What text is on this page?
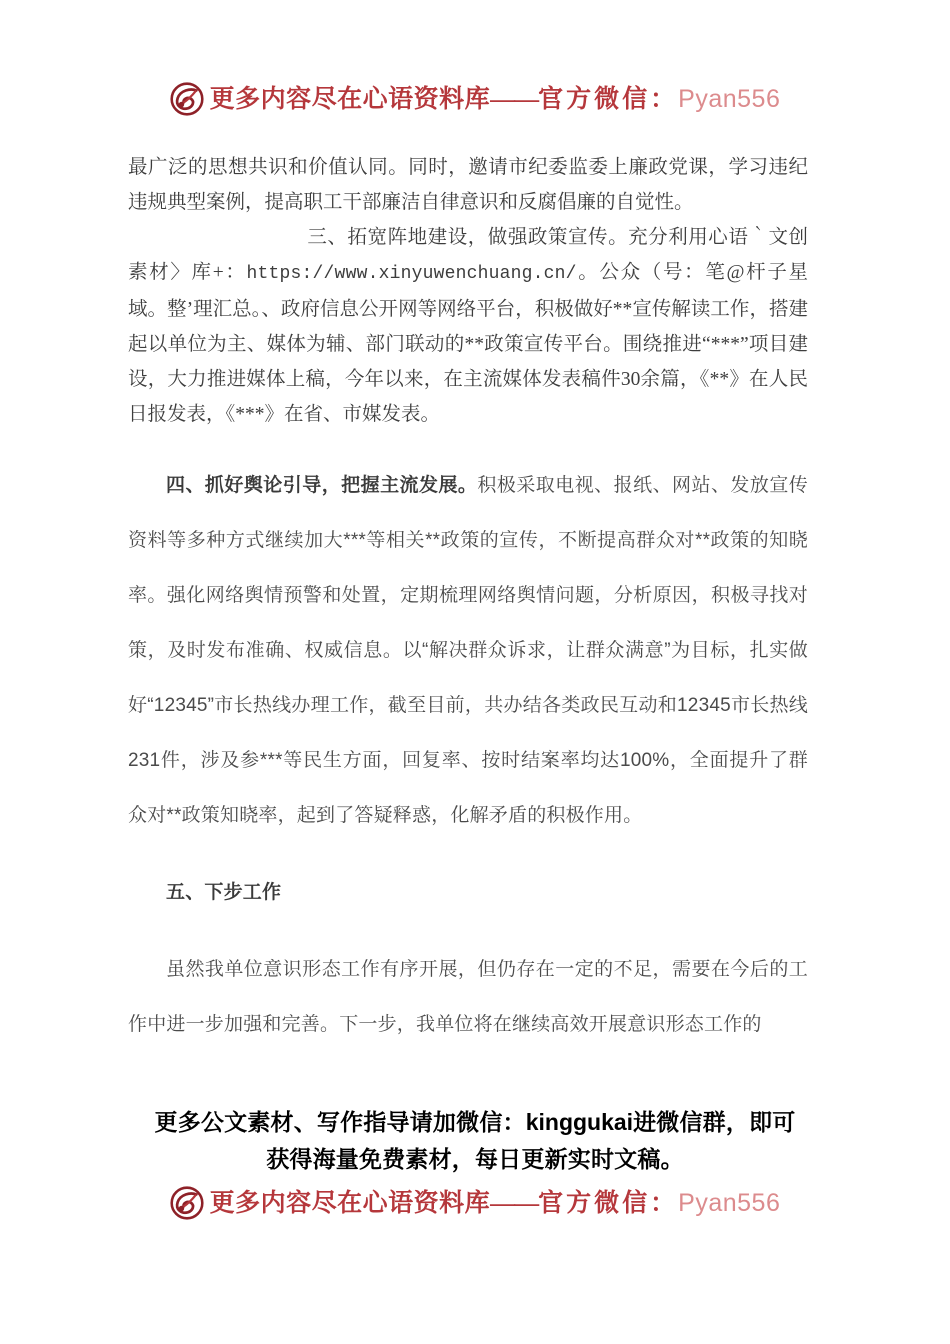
更多内容尽在心语资料库——官方微信：Pyan556

最广泛的思想共识和价值认同。同时，邀请市纪委监委上廉政党课，学习违纪违规典型案例，提高职工干部廉洁自律意识和反腐倡廉的自觉性。

三、拓宽阵地建设，做强政策宣传。充分利用心语｀文创素材〉库+：https://www.xinyuwenchuang.cn/。公众（号：笔@杆子星域。整’理汇总。、政府信息公开网等网络平台，积极做好**宣传解读工作，搭建起以单位为主、媒体为辅、部门联动的**政策宣传平台。围绕推进“***”项目建设，大力推进媒体上稿，今年以来，在主流媒体发表稿件30余篇，《**》在人民日报发表，《***》在省、市媒发表。

四、抓好舆论引导，把握主流发展。积极采取电视、报纸、网站、发放宣传资料等多种方式继续加大***等相关**政策的宣传，不断提高群众对**政策的知晓率。强化网络舆情预警和处置，定期梳理网络舆情问题，分析原因，积极寻找对策，及时发布准确、权威信息。以“解决群众诉求，让群众满意”为目标，扎实做好“12345”市长热线办理工作，截至目前，共办结各类政民互动和12345市长热线231件，涉及参***等民生方面，回复率、按时结案率均达100%，全面提升了群众对**政策知晓率，起到了答疑释惑，化解矛盾的积极作用。

五、下步工作

虽然我单位意识形态工作有序开展，但仍存在一定的不足，需要在今后的工作中进一步加强和完善。下一步，我单位将在继续高效开展意识形态工作的

更多公文素材、写作指导请加微信：kinggukai进微信群，即可
获得海量免费素材，每日更新实时文稿。
更多内容尽在心语资料库——官方微信：Pyan556
